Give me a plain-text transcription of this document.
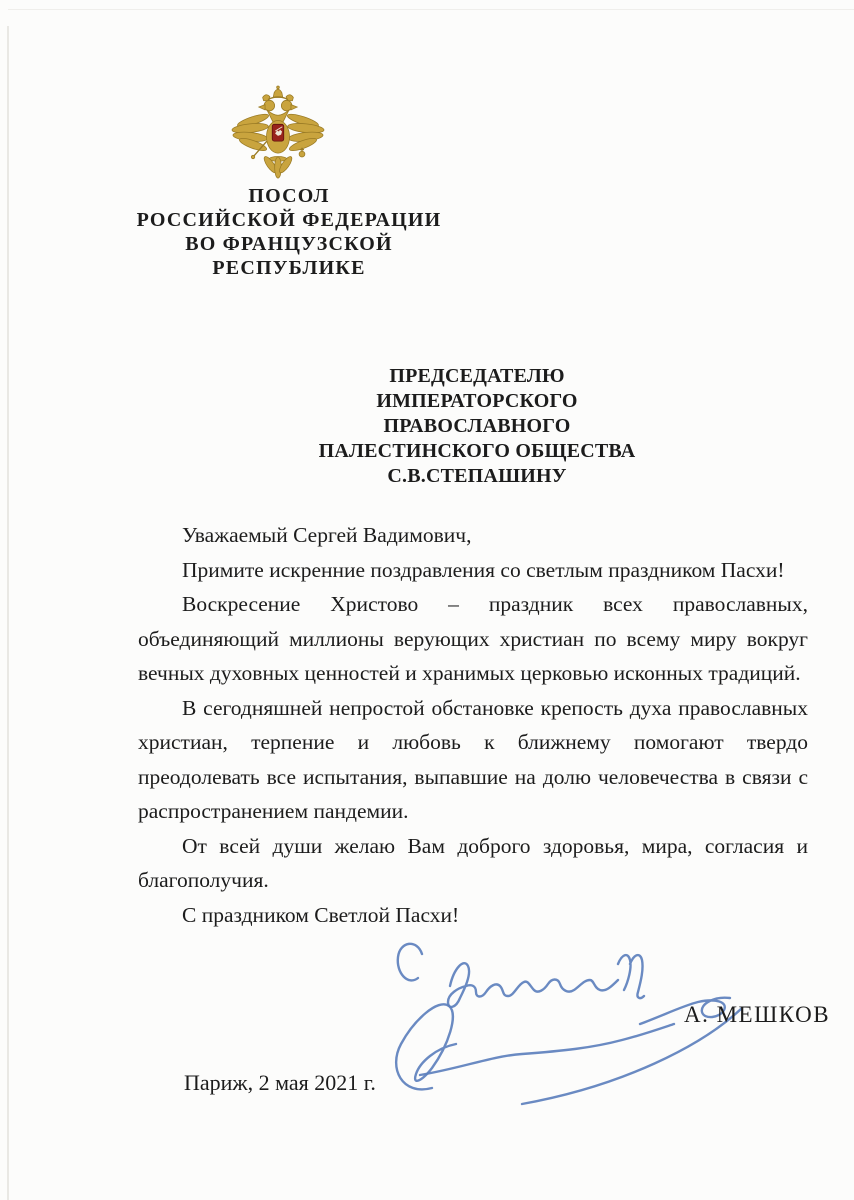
ПОСОЛ
РОССИЙСКОЙ ФЕДЕРАЦИИ
ВО ФРАНЦУЗСКОЙ
РЕСПУБЛИКЕ
ПРЕДСЕДАТЕЛЮ
ИМПЕРАТОРСКОГО ПРАВОСЛАВНОГО
ПАЛЕСТИНСКОГО ОБЩЕСТВА
С.В.СТЕПАШИНУ

Уважаемый Сергей Вадимович,

Примите искренние поздравления со светлым праздником Пасхи!

Воскресение Христово – праздник всех православных, объединяющий миллионы верующих христиан по всему миру вокруг вечных духовных ценностей и хранимых церковью исконных традиций.

В сегодняшней непростой обстановке крепость духа православных христиан, терпение и любовь к ближнему помогают твердо преодолевать все испытания, выпавшие на долю человечества в связи с распространением пандемии.

От всей души желаю Вам доброго здоровья, мира, согласия и благополучия.

С праздником Светлой Пасхи!

А. МЕШКОВ
Париж, 2 мая 2021 г.
